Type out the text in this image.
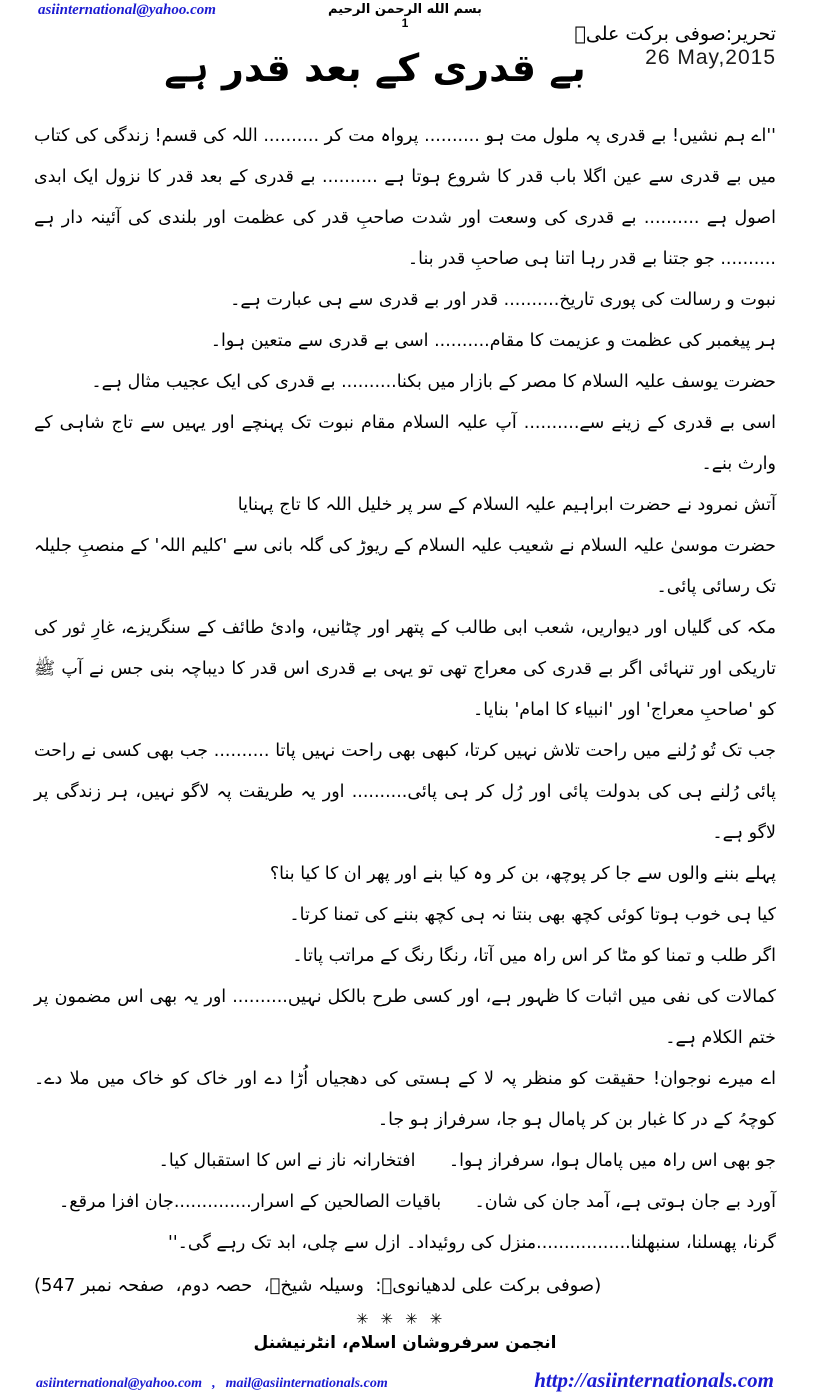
asiinternational@yahoo.com	بسم الله الرحمن الرحيم
1	تحریر:صوفی برکت علیؒ
26 May,2015
بے قدری کے بعد قدر ہے

''اے ہم نشیں! بے قدری پہ ملول مت ہو .......... پرواہ مت کر .......... اللہ کی قسم! زندگی کی کتاب میں بے قدری سے عین اگلا باب قدر کا شروع ہوتا ہے .......... بے قدری کے بعد قدر کا نزول ایک ابدی اصول ہے .......... بے قدری کی وسعت اور شدت صاحبِ قدر کی عظمت اور بلندی کی آئینہ دار ہے .......... جو جتنا بے قدر رہا اتنا ہی صاحبِ قدر بنا۔

نبوت و رسالت کی پوری تاریخ.......... قدر اور بے قدری سے ہی عبارت ہے۔

ہر پیغمبر کی عظمت و عزیمت کا مقام.......... اسی بے قدری سے متعین ہوا۔

حضرت یوسف علیہ السلام کا مصر کے بازار میں بکنا.......... بے قدری کی ایک عجیب مثال ہے۔

اسی بے قدری کے زینے سے.......... آپ علیہ السلام مقام نبوت تک پہنچے اور یہیں سے تاج شاہی کے وارث بنے۔

آتش نمرود نے حضرت ابراہیم علیہ السلام کے سر پر خلیل اللہ کا تاج پہنایا

حضرت موسیٰ علیہ السلام نے شعیب علیہ السلام کے ریوڑ کی گلہ بانی سے 'کلیم اللہ' کے منصبِ جلیلہ تک رسائی پائی۔

مکہ کی گلیاں اور دیواریں، شعب ابی طالب کے پتھر اور چٹانیں، وادیٔ طائف کے سنگریزے، غارِ ثور کی تاریکی اور تنہائی اگر بے قدری کی معراج تھی تو یہی بے قدری اس قدر کا دیباچہ بنی جس نے آپ ﷺ کو 'صاحبِ معراج' اور 'انبیاء کا امام' بنایا۔

جب تک تُو رُلنے میں راحت تلاش نہیں کرتا، کبھی بھی راحت نہیں پاتا .......... جب بھی کسی نے راحت پائی رُلنے ہی کی بدولت پائی اور رُل کر ہی پائی.......... اور یہ طریقت پہ لاگو نہیں، ہر زندگی پر لاگو ہے۔

پہلے بننے والوں سے جا کر پوچھ، بن کر وہ کیا بنے اور پھر ان کا کیا بنا؟

کیا ہی خوب ہوتا کوئی کچھ بھی بنتا نہ ہی کچھ بننے کی تمنا کرتا۔

اگر طلب و تمنا کو مٹا کر اس راہ میں آتا، رنگا رنگ کے مراتب پاتا۔

کمالات کی نفی میں اثبات کا ظہور ہے، اور کسی طرح بالکل نہیں.......... اور یہ بھی اس مضمون پر ختم الکلام ہے۔

اے میرے نوجوان! حقیقت کو منظر پہ لا کے ہستی کی دھجیاں اُڑا دے اور خاک کو خاک میں ملا دے۔ کوچہُ کے در کا غبار بن کر پامال ہو جا، سرفراز ہو جا۔

جو بھی اس راہ میں پامال ہوا، سرفراز ہوا۔      افتخارانہ ناز نے اس کا استقبال کیا۔

آورد بے جان ہوتی ہے، آمد جان کی شان۔      باقیات الصالحین کے اسرار..............جان افزا مرقع۔

گرنا، پھسلنا، سنبھلنا.................منزل کی روئیداد۔ ازل سے چلی، ابد تک رہے گی۔''

(صوفی برکت علی لدھیانویؒ:  وسیلہ شیخؒ،  حصہ دوم،  صفحہ نمبر 547)
✳✳✳✳
انجمن سرفروشان اسلام، انٹرنیشنل
asiinternational@yahoo.com , mail@asiinternationals.com	http://asiinternationals.com
